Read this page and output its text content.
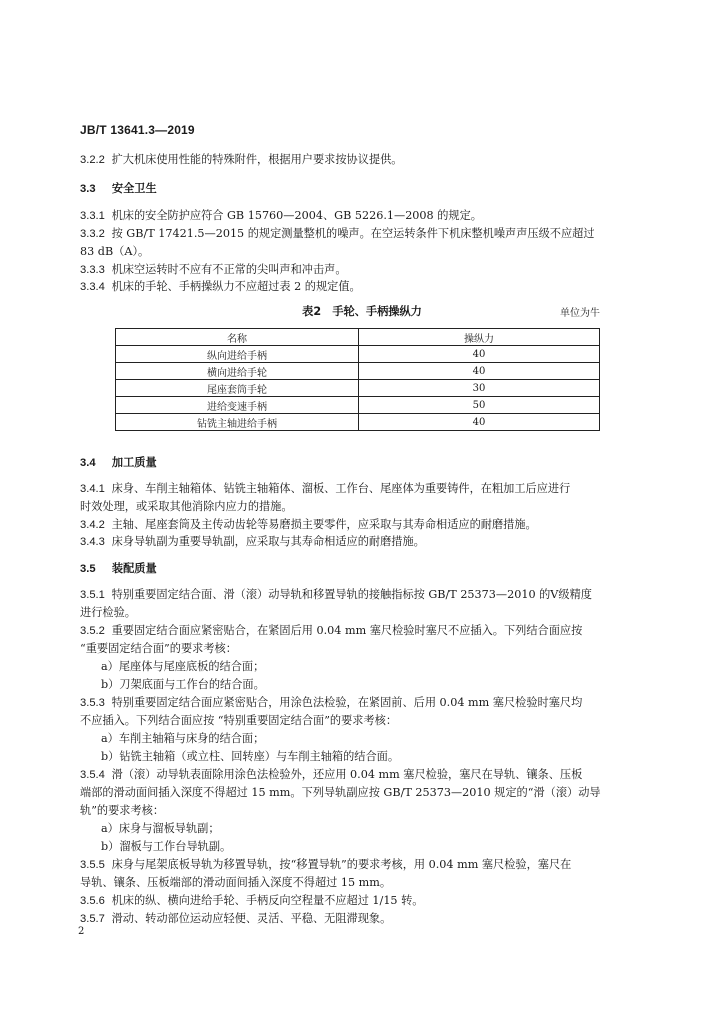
JB/T 13641.3—2019
3.2.2 扩大机床使用性能的特殊附件，根据用户要求按协议提供。
3.3 安全卫生
3.3.1 机床的安全防护应符合 GB 15760—2004、GB 5226.1—2008 的规定。
3.3.2 按 GB/T 17421.5—2015 的规定测量整机的噪声。在空运转条件下机床整机噪声声压级不应超过
83 dB（A）。
3.3.3 机床空运转时不应有不正常的尖叫声和冲击声。
3.3.4 机床的手轮、手柄操纵力不应超过表 2 的规定值。
表2　手轮、手柄操纵力	单位为牛
名称	操纵力
纵向进给手柄	40
横向进给手轮	40
尾座套筒手轮	30
进给变速手柄	50
钻铣主轴进给手柄	40
3.4 加工质量
3.4.1 床身、车削主轴箱体、钻铣主轴箱体、溜板、工作台、尾座体为重要铸件，在粗加工后应进行
时效处理，或采取其他消除内应力的措施。
3.4.2 主轴、尾座套筒及主传动齿轮等易磨损主要零件，应采取与其寿命相适应的耐磨措施。
3.4.3 床身导轨副为重要导轨副，应采取与其寿命相适应的耐磨措施。
3.5 装配质量
3.5.1 特别重要固定结合面、滑（滚）动导轨和移置导轨的接触指标按 GB/T 25373—2010 的Ⅴ级精度
进行检验。
3.5.2 重要固定结合面应紧密贴合，在紧固后用 0.04 mm 塞尺检验时塞尺不应插入。下列结合面应按
“重要固定结合面”的要求考核：
a）尾座体与尾座底板的结合面；
b）刀架底面与工作台的结合面。
3.5.3 特别重要固定结合面应紧密贴合，用涂色法检验，在紧固前、后用 0.04 mm 塞尺检验时塞尺均
不应插入。下列结合面应按 “特别重要固定结合面”的要求考核：
a）车削主轴箱与床身的结合面；
b）钻铣主轴箱（或立柱、回转座）与车削主轴箱的结合面。
3.5.4 滑（滚）动导轨表面除用涂色法检验外，还应用 0.04 mm 塞尺检验，塞尺在导轨、镶条、压板
端部的滑动面间插入深度不得超过 15 mm。下列导轨副应按 GB/T 25373—2010 规定的“滑（滚）动导
轨”的要求考核：
a）床身与溜板导轨副；
b）溜板与工作台导轨副。
3.5.5 床身与尾架底板导轨为移置导轨，按“移置导轨”的要求考核，用 0.04 mm 塞尺检验，塞尺在
导轨、镶条、压板端部的滑动面间插入深度不得超过 15 mm。
3.5.6 机床的纵、横向进给手轮、手柄反向空程量不应超过 1/15 转。
3.5.7 滑动、转动部位运动应轻便、灵活、平稳、无阻滞现象。
2
